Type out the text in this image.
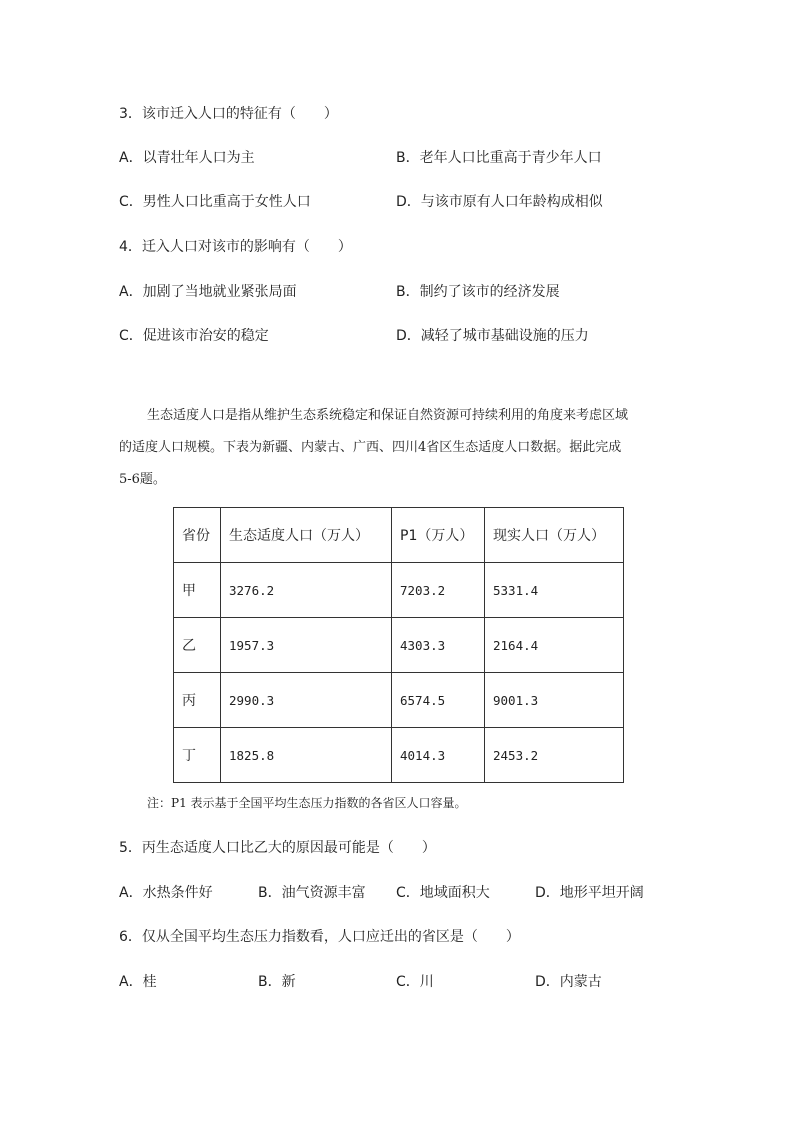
3．该市迁入人口的特征有（　　）
A．以青壮年人口为主	B．老年人口比重高于青少年人口
C．男性人口比重高于女性人口	D．与该市原有人口年龄构成相似
4．迁入人口对该市的影响有（　　）
A．加剧了当地就业紧张局面	B．制约了该市的经济发展
C．促进该市治安的稳定	D．减轻了城市基础设施的压力
生态适度人口是指从维护生态系统稳定和保证自然资源可持续利用的角度来考虑区域
的适度人口规模。下表为新疆、内蒙古、广西、四川4省区生态适度人口数据。据此完成
5-6题。
省份	生态适度人口（万人）	P1（万人）	现实人口（万人）
甲	3276.2	7203.2	5331.4
乙	1957.3	4303.3	2164.4
丙	2990.3	6574.5	9001.3
丁	1825.8	4014.3	2453.2
注：P1 表示基于全国平均生态压力指数的各省区人口容量。
5．丙生态适度人口比乙大的原因最可能是（　　）
A．水热条件好	B．油气资源丰富 C．地域面积大	D．地形平坦开阔
6．仅从全国平均生态压力指数看，人口应迁出的省区是（　　）
A．桂	B．新	C．川	D．内蒙古
